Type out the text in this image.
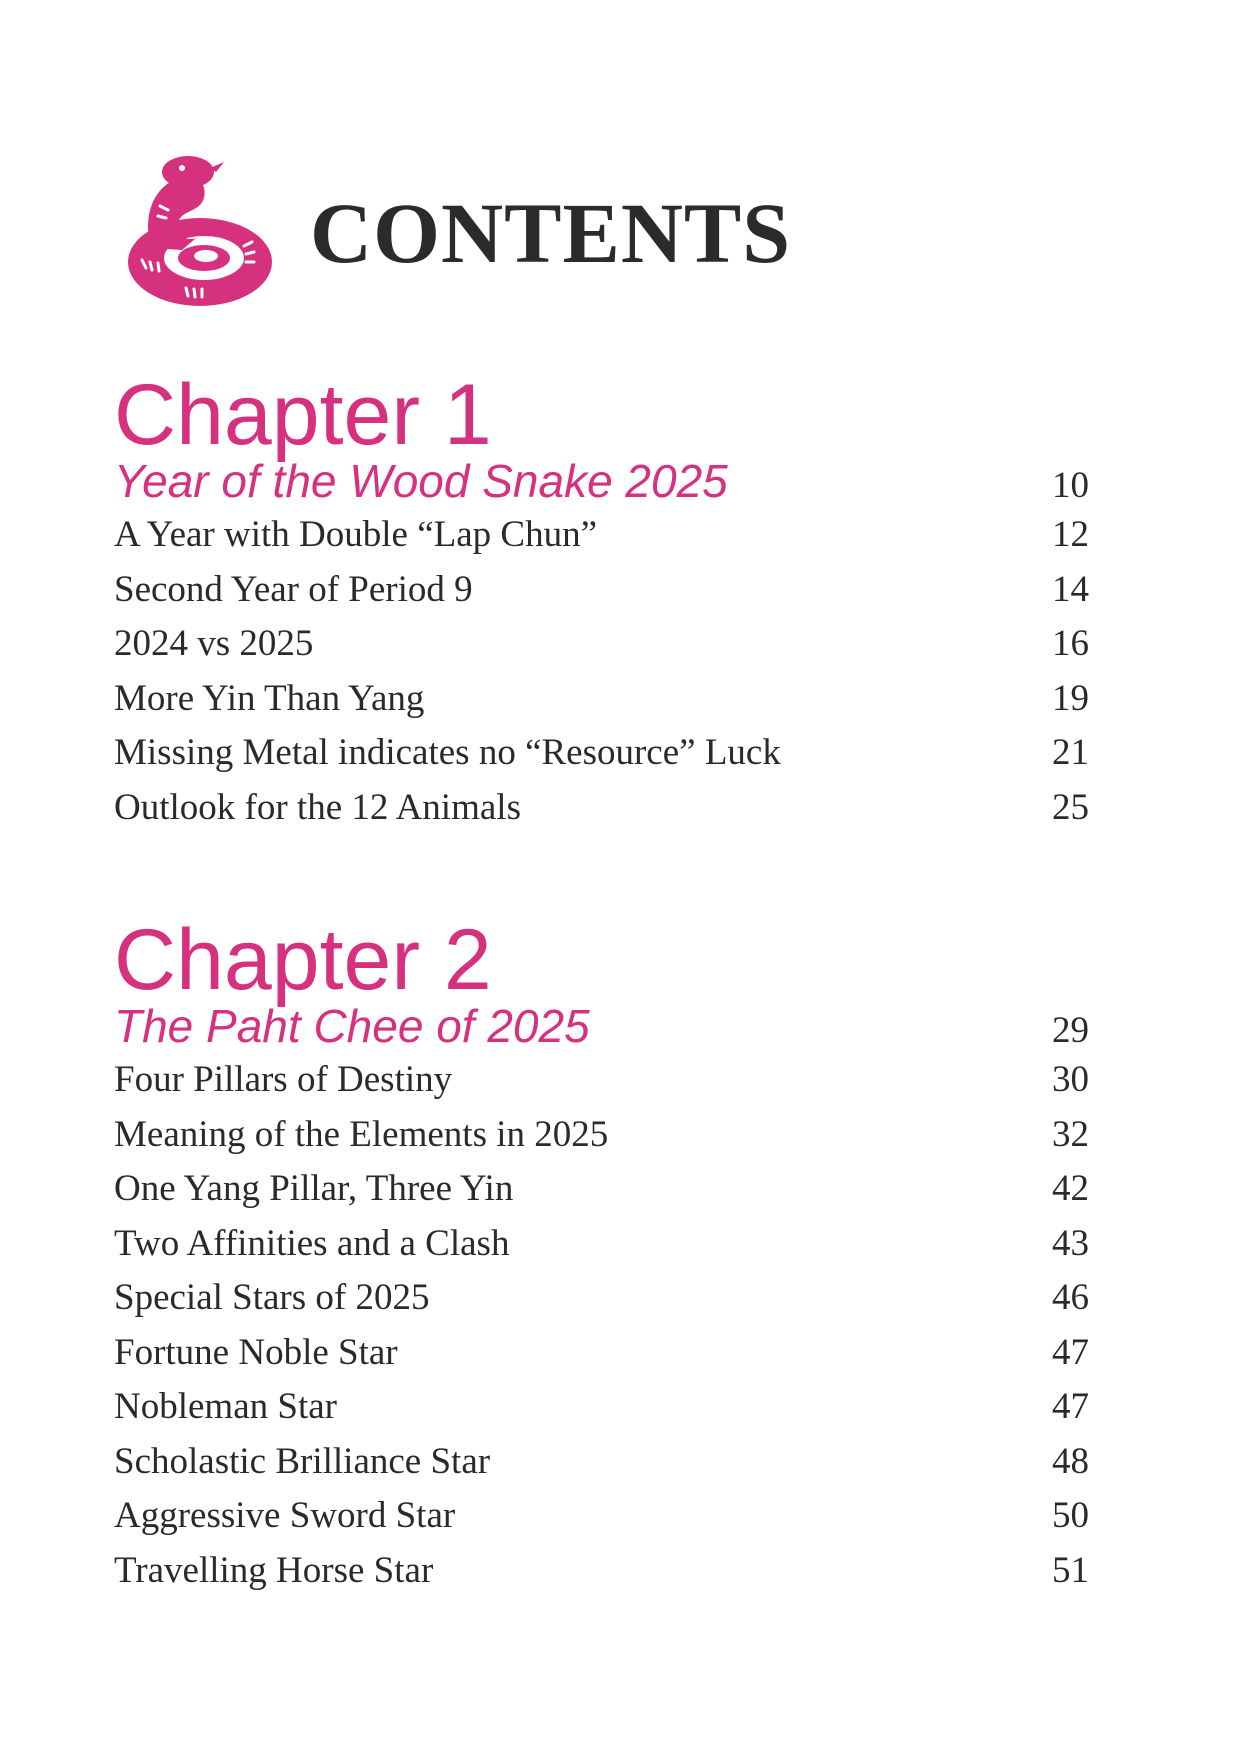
CONTENTS
Chapter 1
Year of the Wood Snake 2025	10
A Year with Double “Lap Chun”	12
Second Year of Period 9	14
2024 vs 2025	16
More Yin Than Yang	19
Missing Metal indicates no “Resource” Luck	21
Outlook for the 12 Animals	25
Chapter 2
The Paht Chee of 2025	29
Four Pillars of Destiny	30
Meaning of the Elements in 2025	32
One Yang Pillar, Three Yin	42
Two Affinities and a Clash	43
Special Stars of 2025	46
Fortune Noble Star	47
Nobleman Star	47
Scholastic Brilliance Star	48
Aggressive Sword Star	50
Travelling Horse Star	51
